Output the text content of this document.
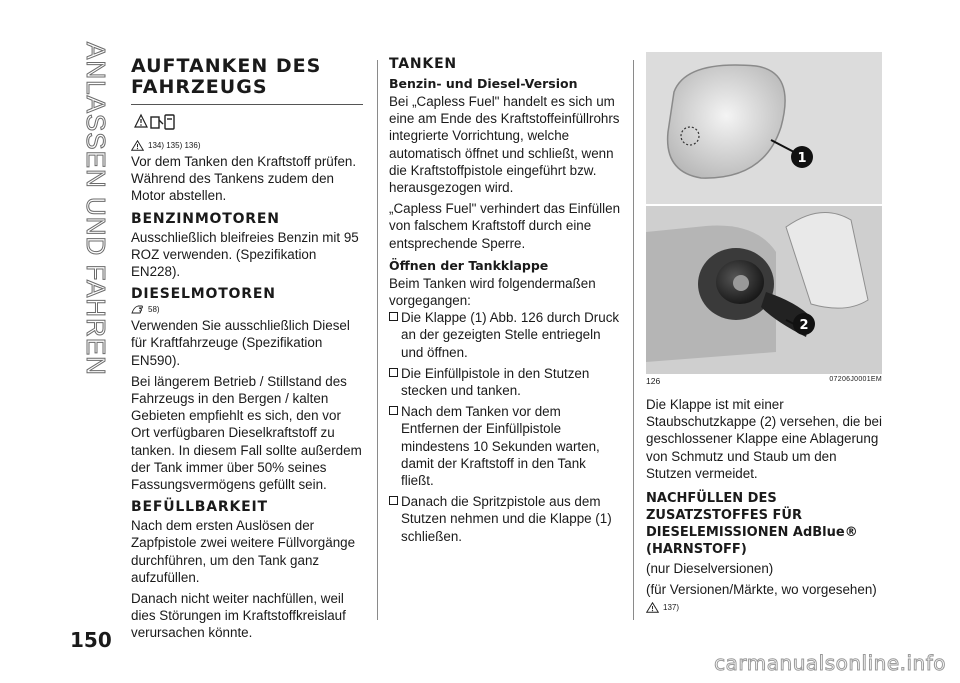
ANLASSEN UND FAHREN
150
AUFTANKEN DES FAHRZEUGS
134) 135) 136)

Vor dem Tanken den Kraftstoff prüfen. Während des Tankens zudem den Motor abstellen.

BENZINMOTOREN

Ausschließlich bleifreies Benzin mit 95 ROZ verwenden. (Spezifikation EN228).

DIESELMOTOREN
58)

Verwenden Sie ausschließlich Diesel für Kraftfahrzeuge (Spezifikation EN590).

Bei längerem Betrieb / Stillstand des Fahrzeugs in den Bergen / kalten Gebieten empfiehlt es sich, den vor Ort verfügbaren Dieselkraftstoff zu tanken. In diesem Fall sollte außerdem der Tank immer über 50% seines Fassungsvermögens gefüllt sein.

BEFÜLLBARKEIT

Nach dem ersten Auslösen der Zapfpistole zwei weitere Füllvorgänge durchführen, um den Tank ganz aufzufüllen.

Danach nicht weiter nachfüllen, weil dies Störungen im Kraftstoffkreislauf verursachen könnte.

TANKEN
Benzin- und Diesel-Version

Bei „Capless Fuel" handelt es sich um eine am Ende des Kraftstoffeinfüllrohrs integrierte Vorrichtung, welche automatisch öffnet und schließt, wenn die Kraftstoffpistole eingeführt bzw. herausgezogen wird.

„Capless Fuel" verhindert das Einfüllen von falschem Kraftstoff durch eine entsprechende Sperre.

Öffnen der Tankklappe

Beim Tanken wird folgendermaßen vorgegangen:

Die Klappe (1) Abb. 126 durch Druck an der gezeigten Stelle entriegeln und öffnen.

Die Einfüllpistole in den Stutzen stecken und tanken.

Nach dem Tanken vor dem Entfernen der Einfüllpistole mindestens 10 Sekunden warten, damit der Kraftstoff in den Tank fließt.

Danach die Spritzpistole aus dem Stutzen nehmen und die Klappe (1) schließen.

1
2
126	07206J0001EM

Die Klappe ist mit einer Staubschutzkappe (2) versehen, die bei geschlossener Klappe eine Ablagerung von Schmutz und Staub um den Stutzen vermeidet.

NACHFÜLLEN DES ZUSATZSTOFFES FÜR DIESELEMISSIONEN AdBlue® (HARNSTOFF)

(nur Dieselversionen)

(für Versionen/Märkte, wo vorgesehen)

137)
carmanualsonline.info
